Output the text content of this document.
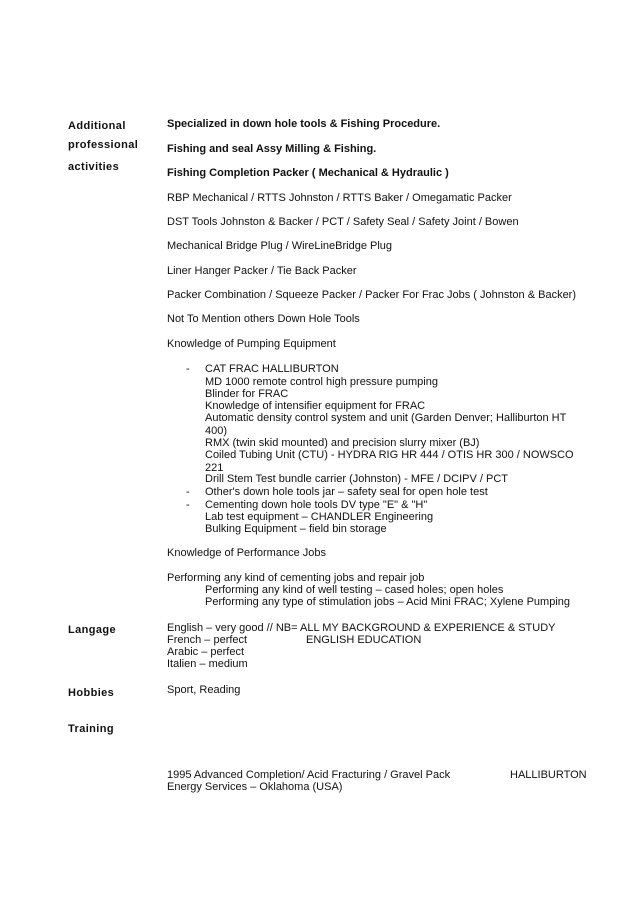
Additional
professional
activities
Langage
Hobbies
Training
Specialized in down hole tools & Fishing Procedure.
Fishing and seal Assy Milling & Fishing.
Fishing Completion Packer ( Mechanical & Hydraulic )
RBP Mechanical / RTTS Johnston / RTTS Baker / Omegamatic Packer
DST Tools Johnston & Backer / PCT / Safety Seal / Safety Joint / Bowen
Mechanical Bridge Plug / WireLineBridge Plug
Liner Hanger Packer / Tie Back Packer
Packer Combination / Squeeze Packer / Packer For Frac Jobs ( Johnston & Backer)
Not To Mention others Down Hole Tools
Knowledge of Pumping Equipment
- CAT FRAC HALLIBURTON
MD 1000 remote control high pressure pumping
Blinder for FRAC
Knowledge of intensifier equipment for FRAC
Automatic density control system and unit (Garden Denver; Halliburton HT 400)
RMX (twin skid mounted) and precision slurry mixer (BJ)
Coiled Tubing Unit (CTU) - HYDRA RIG HR 444 / OTIS HR 300 / NOWSCO 221
Drill Stem Test bundle carrier (Johnston) - MFE / DCIPV / PCT
- Other's down hole tools jar – safety seal for open hole test
- Cementing down hole tools DV type "E" & "H"
Lab test equipment – CHANDLER Engineering
Bulking Equipment – field bin storage
Knowledge of Performance Jobs
Performing any kind of cementing jobs and repair job
Performing any kind of well testing – cased holes; open holes
Performing any type of stimulation jobs – Acid Mini FRAC; Xylene Pumping
English – very good // NB= ALL MY BACKGROUND & EXPERIENCE & STUDY
French – perfect	ENGLISH EDUCATION
Arabic – perfect
Italien – medium
Sport, Reading
1995 Advanced Completion/ Acid Fracturing / Gravel Pack	HALLIBURTON
Energy Services – Oklahoma (USA)
